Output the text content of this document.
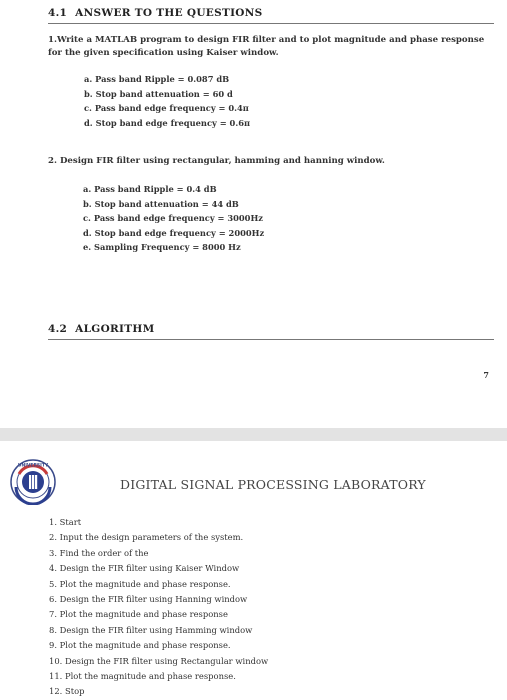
4.1 ANSWER TO THE QUESTIONS
1.Write a MATLAB program to design FIR filter and to plot magnitude and phase response for the given specification using Kaiser window.
a. Pass band Ripple = 0.087 dB
b. Stop band attenuation = 60 d
c. Pass band edge frequency = 0.4π
d. Stop band edge frequency = 0.6π
2. Design FIR filter using rectangular, hamming and hanning window.
a. Pass band Ripple = 0.4 dB
b. Stop band attenuation = 44 dB
c. Pass band edge frequency = 3000Hz
d. Stop band edge frequency = 2000Hz
e. Sampling Frequency = 8000 Hz
4.2 ALGORITHM
7
UNIVERSITY
DIGITAL SIGNAL PROCESSING LABORATORY
1. Start
2. Input the design parameters of the system.
3. Find the order of the
4. Design the FIR filter using Kaiser Window
5. Plot the magnitude and phase response.
6. Design the FIR filter using Hanning window
7. Plot the magnitude and phase response
8. Design the FIR filter using Hamming window
9. Plot the magnitude and phase response.
10. Design the FIR filter using Rectangular window
11. Plot the magnitude and phase response.
12. Stop
